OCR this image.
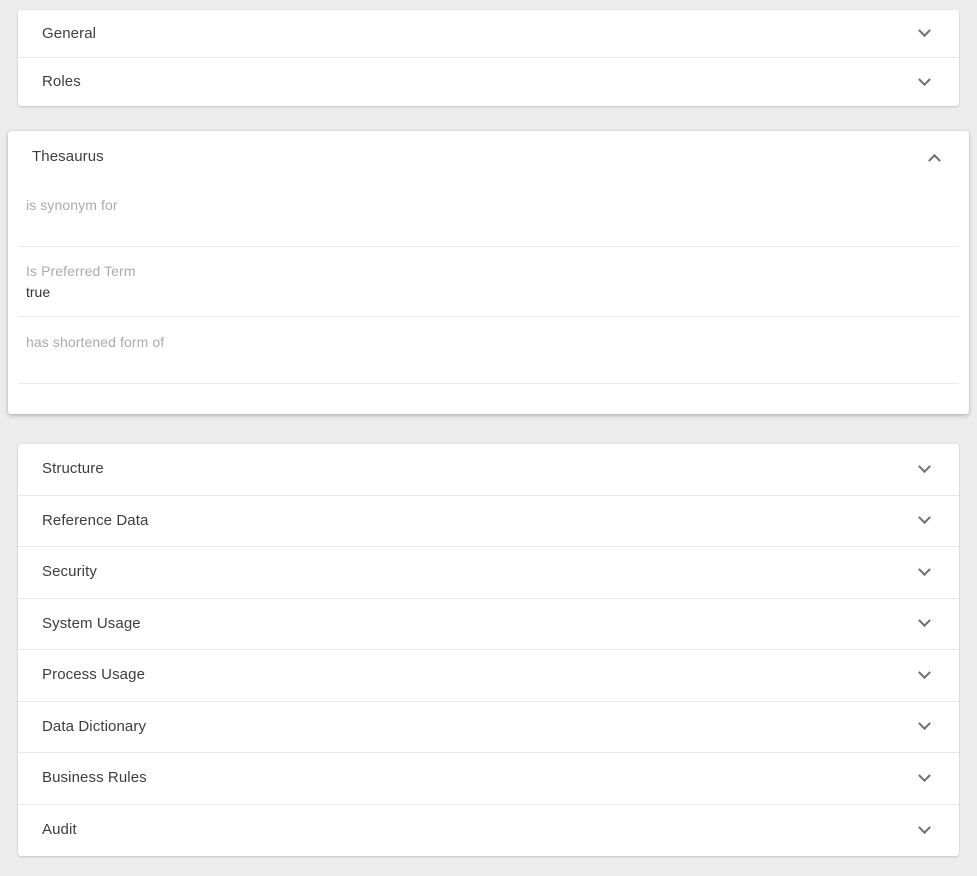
General
Roles
Thesaurus
is synonym for
Is Preferred Term
true
has shortened form of
Structure
Reference Data
Security
System Usage
Process Usage
Data Dictionary
Business Rules
Audit
